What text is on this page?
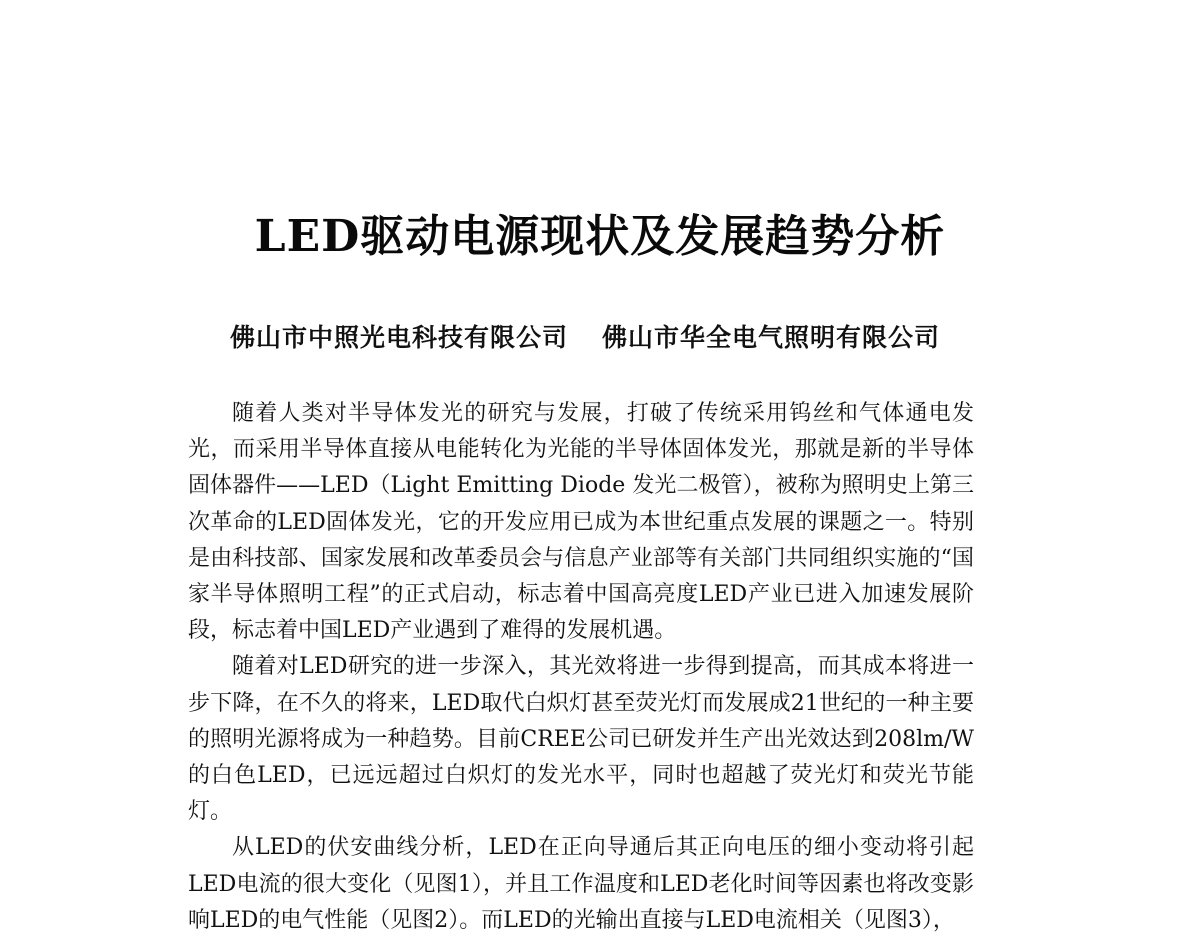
LED驱动电源现状及发展趋势分析
佛山市中照光电科技有限公司 佛山市华全电气照明有限公司

随着人类对半导体发光的研究与发展，打破了传统采用钨丝和气体通电发光，而采用半导体直接从电能转化为光能的半导体固体发光，那就是新的半导体固体器件——LED（Light Emitting Diode 发光二极管），被称为照明史上第三次革命的LED固体发光，它的开发应用已成为本世纪重点发展的课题之一。特别是由科技部、国家发展和改革委员会与信息产业部等有关部门共同组织实施的“国家半导体照明工程”的正式启动，标志着中国高亮度LED产业已进入加速发展阶段，标志着中国LED产业遇到了难得的发展机遇。

随着对LED研究的进一步深入，其光效将进一步得到提高，而其成本将进一步下降，在不久的将来，LED取代白炽灯甚至荧光灯而发展成21世纪的一种主要的照明光源将成为一种趋势。目前CREE公司已研发并生产出光效达到208lm/W的白色LED，已远远超过白炽灯的发光水平，同时也超越了荧光灯和荧光节能灯。

从LED的伏安曲线分析，LED在正向导通后其正向电压的细小变动将引起LED电流的很大变化（见图1），并且工作温度和LED老化时间等因素也将改变影响LED的电气性能（见图2）。而LED的光输出直接与LED电流相关（见图3），
